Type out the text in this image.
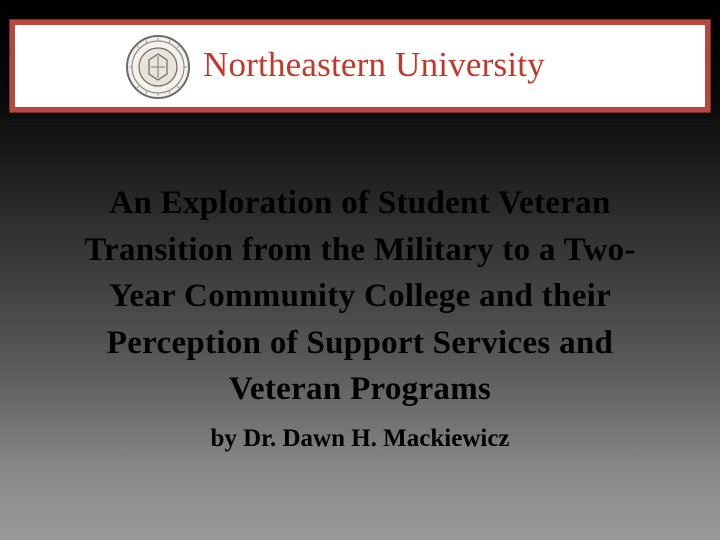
Northeastern University
An Exploration of Student Veteran
Transition from the Military to a Two-
Year Community College and their
Perception of Support Services and
Veteran Programs
by Dr. Dawn H. Mackiewicz
